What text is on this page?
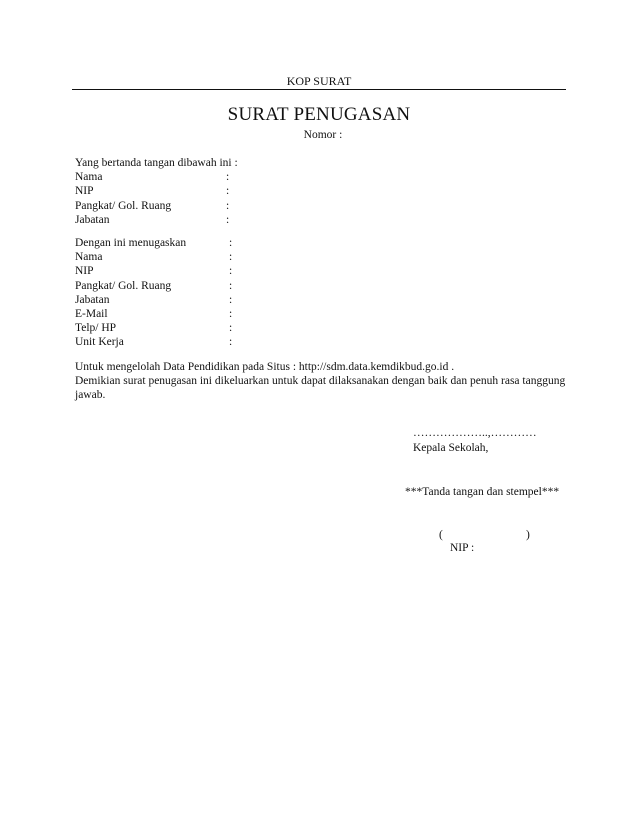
KOP SURAT
SURAT PENUGASAN
Nomor :
Yang bertanda tangan dibawah ini :
Nama	:
NIP	:
Pangkat/ Gol. Ruang	:
Jabatan	:
Dengan ini menugaskan	:
Nama	:
NIP	:
Pangkat/ Gol. Ruang	:
Jabatan	:
E-Mail	:
Telp/ HP	:
Unit Kerja	:
Untuk mengelolah Data Pendidikan pada Situs : http://sdm.data.kemdikbud.go.id .
Demikian surat penugasan ini dikeluarkan untuk dapat dilaksanakan dengan baik dan penuh rasa tanggung jawab.
………………..,…………
Kepala Sekolah,
***Tanda tangan dan stempel***
(	)
NIP :
